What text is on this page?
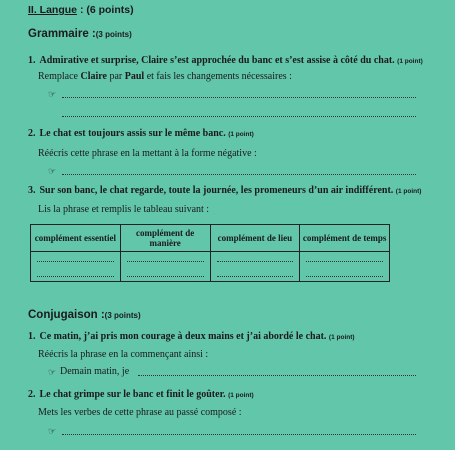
II. Langue : (6 points)
Grammaire :(3 points)
1. Admirative et surprise, Claire s’est approchée du banc et s’est assise à côté du chat. (1 point)
Remplace Claire par Paul et fais les changements nécessaires :
☞
2. Le chat est toujours assis sur le même banc. (1 point)
Réécris cette phrase en la mettant à la forme négative :
☞
3. Sur son banc, le chat regarde, toute la journée, les promeneurs d’un air indifférent. (1 point)
Lis la phrase et remplis le tableau suivant :
complément essentiel	complément de manière	complément de lieu	complément de temps

Conjugaison :(3 points)
1. Ce matin, j’ai pris mon courage à deux mains et j’ai abordé le chat. (1 point)
Réécris la phrase en la commençant ainsi :
☞ Demain matin, je
2. Le chat grimpe sur le banc et finit le goûter. (1 point)
Mets les verbes de cette phrase au passé composé :
☞
